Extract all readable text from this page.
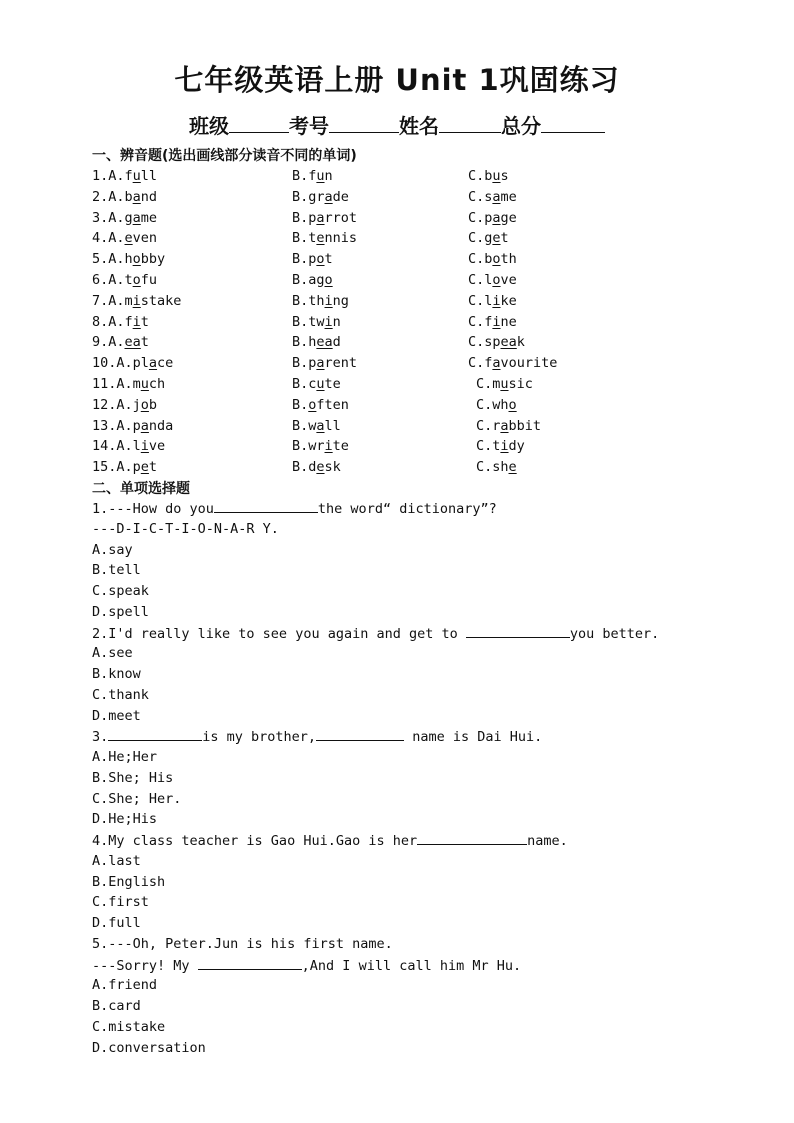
七年级英语上册 Unit 1巩固练习
班级	考号	姓名	总分
一、辨音题(选出画线部分读音不同的单词)
1.A.full	B.fun	C.bus
2.A.band	B.grade	C.same
3.A.game	B.parrot	C.page
4.A.even	B.tennis	C.get
5.A.hobby	B.pot	C.both
6.A.tofu	B.ago	C.love
7.A.mistake	B.thing	C.like
8.A.fit	B.twin	C.fine
9.A.eat	B.head	C.speak
10.A.place	B.parent	C.favourite
11.A.much	B.cute	C.music
12.A.job	B.often	C.who
13.A.panda	B.wall	C.rabbit
14.A.live	B.write	C.tidy
15.A.pet	B.desk	C.she
二、单项选择题
1.---How do you	the word“ dictionary”?
---D-I-C-T-I-O-N-A-R Y.
A.say
B.tell
C.speak
D.spell
2.I'd really like to see you again and get to	you better.
A.see
B.know
C.thank
D.meet
3.	is my brother,	name is Dai Hui.
A.He;Her
B.She; His
C.She; Her.
D.He;His
4.My class teacher is Gao Hui.Gao is her	name.
A.last
B.English
C.first
D.full
5.---Oh, Peter.Jun is his first name.
---Sorry! My	,And I will call him Mr Hu.
A.friend
B.card
C.mistake
D.conversation
